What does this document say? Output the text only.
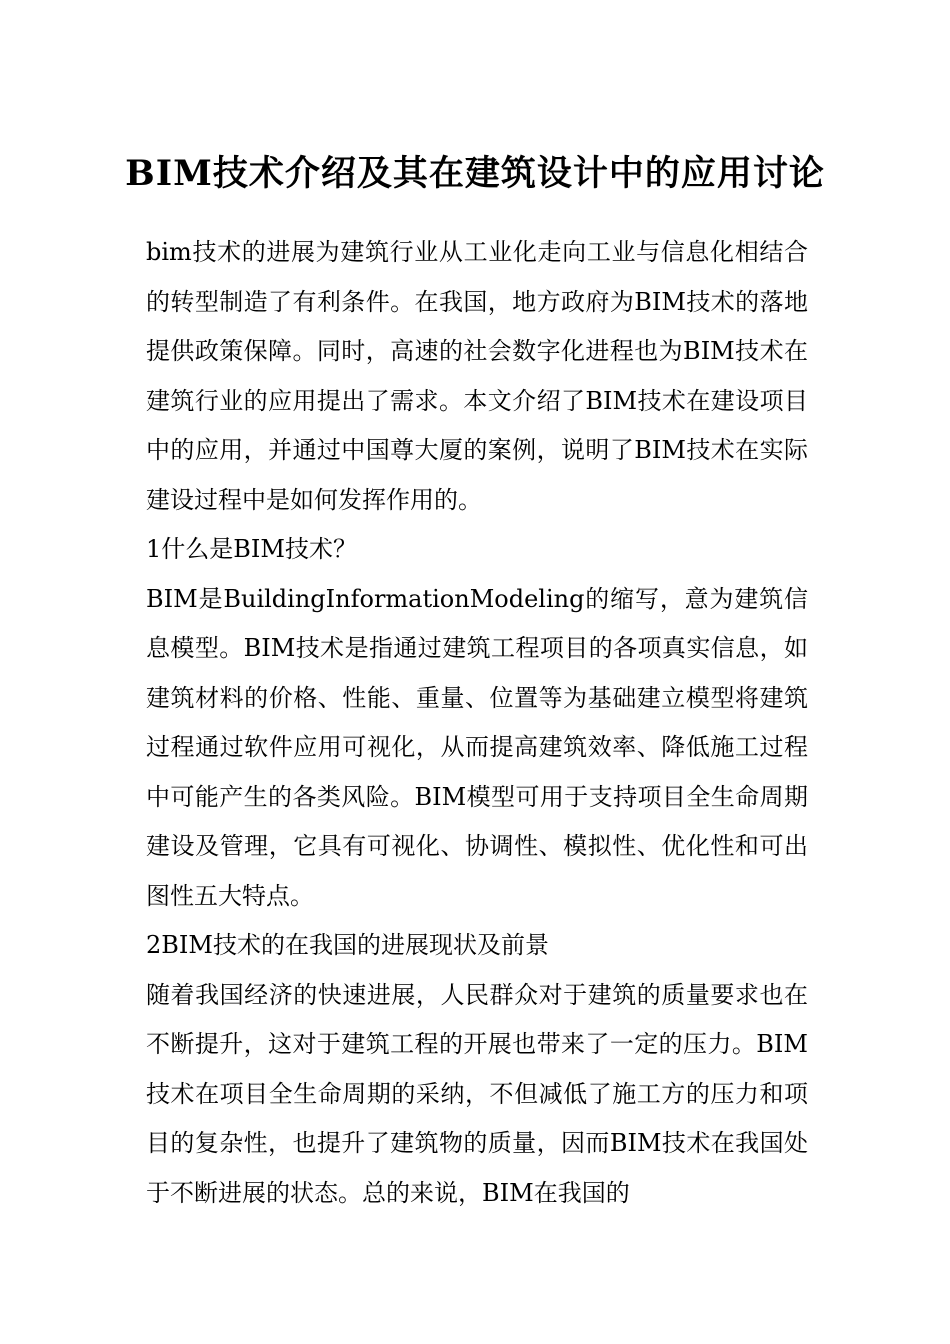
BIM技术介绍及其在建筑设计中的应用讨论

bim技术的进展为建筑行业从工业化走向工业与信息化相结合的转型制造了有利条件。在我国，地方政府为BIM技术的落地提供政策保障。同时，高速的社会数字化进程也为BIM技术在建筑行业的应用提出了需求。本文介绍了BIM技术在建设项目中的应用，并通过中国尊大厦的案例，说明了BIM技术在实际建设过程中是如何发挥作用的。

1什么是BIM技术？

BIM是BuildingInformationModeling的缩写，意为建筑信息模型。BIM技术是指通过建筑工程项目的各项真实信息，如建筑材料的价格、性能、重量、位置等为基础建立模型将建筑过程通过软件应用可视化，从而提高建筑效率、降低施工过程中可能产生的各类风险。BIM模型可用于支持项目全生命周期建设及管理，它具有可视化、协调性、模拟性、优化性和可出图性五大特点。

2BIM技术的在我国的进展现状及前景

随着我国经济的快速进展，人民群众对于建筑的质量要求也在不断提升，这对于建筑工程的开展也带来了一定的压力。BIM技术在项目全生命周期的采纳，不但减低了施工方的压力和项目的复杂性，也提升了建筑物的质量，因而BIM技术在我国处于不断进展的状态。总的来说，BIM在我国的
